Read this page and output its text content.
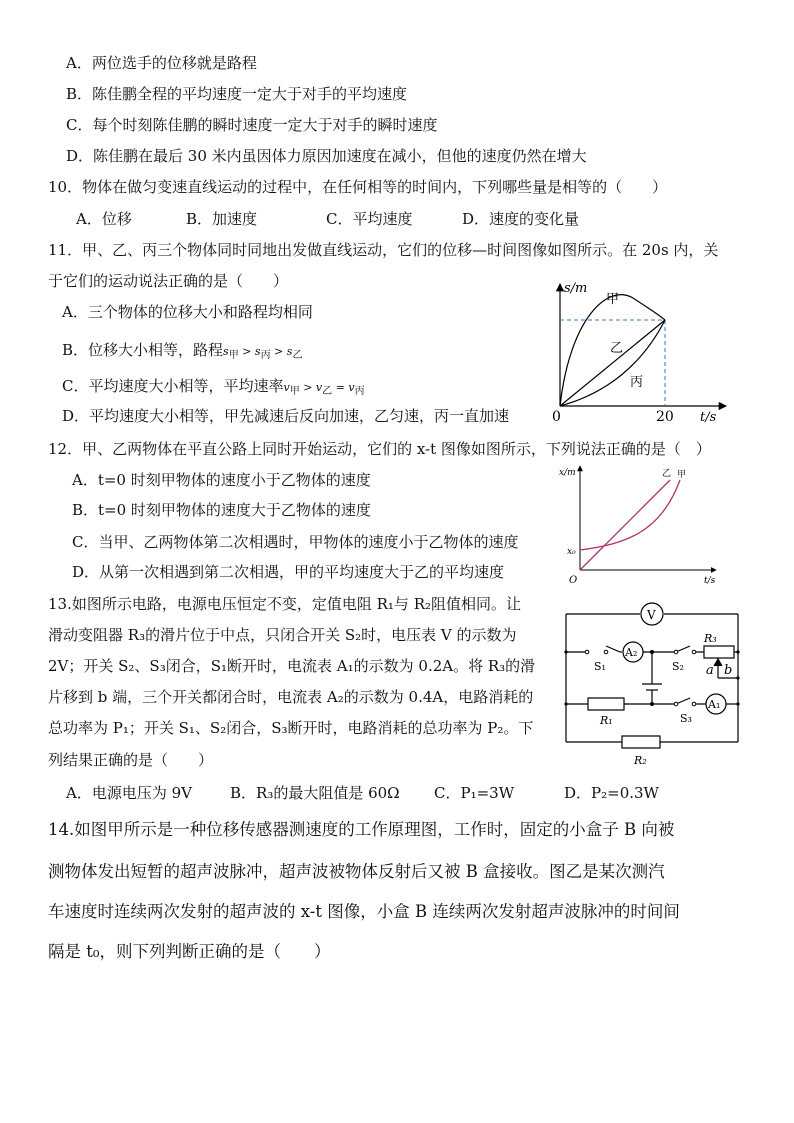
A．两位选手的位移就是路程
B．陈佳鹏全程的平均速度一定大于对手的平均速度
C．每个时刻陈佳鹏的瞬时速度一定大于对手的瞬时速度
D．陈佳鹏在最后 30 米内虽因体力原因加速度在减小，但他的速度仍然在增大
10．物体在做匀变速直线运动的过程中，在任何相等的时间内，下列哪些量是相等的（　　）
A．位移	B．加速度	C．平均速度	D．速度的变化量
11．甲、乙、丙三个物体同时同地出发做直线运动，它们的位移—时间图像如图所示。在 20s 内，关
于它们的运动说法正确的是（　　）
A．三个物体的位移大小和路程均相同
B．位移大小相等，路程$s_甲 > s_丙 > s_乙$
C．平均速度大小相等，平均速率$v_甲 > v_乙 = v_丙$
D．平均速度大小相等，甲先减速后反向加速，乙匀速，丙一直加速
s/m
甲
乙
丙
0	20 t/s
12．甲、乙两物体在平直公路上同时开始运动，它们的 x-t 图像如图所示，下列说法正确的是（　）
A．t=0 时刻甲物体的速度小于乙物体的速度
B．t=0 时刻甲物体的速度大于乙物体的速度
C．当甲、乙两物体第二次相遇时，甲物体的速度小于乙物体的速度
D．从第一次相遇到第二次相遇，甲的平均速度大于乙的平均速度
x/m
x₀
O	t/s
乙 甲
13.如图所示电路，电源电压恒定不变，定值电阻 R₁与 R₂阻值相同。让
滑动变阻器 R₃的滑片位于中点，只闭合开关 S₂时，电压表 V 的示数为
2V；开关 S₂、S₃闭合，S₁断开时，电流表 A₁的示数为 0.2A。将 R₃的滑
片移到 b 端，三个开关都闭合时，电流表 A₂的示数为 0.4A，电路消耗的
总功率为 P₁；开关 S₁、S₂闭合，S₃断开时，电路消耗的总功率为 P₂。下
列结果正确的是（　　）
A．电源电压为 9V	B．R₃的最大阻值是 60Ω C．P₁=3W	D．P₂=0.3W
V
A₂
A₁
S₁	S₂
S₃
R₃
R₁
R₂
a b
14.如图甲所示是一种位移传感器测速度的工作原理图，工作时，固定的小盒子 B 向被
测物体发出短暂的超声波脉冲，超声波被物体反射后又被 B 盒接收。图乙是某次测汽
车速度时连续两次发射的超声波的 x-t 图像，小盒 B 连续两次发射超声波脉冲的时间间
隔是 t₀，则下列判断正确的是（　　）
